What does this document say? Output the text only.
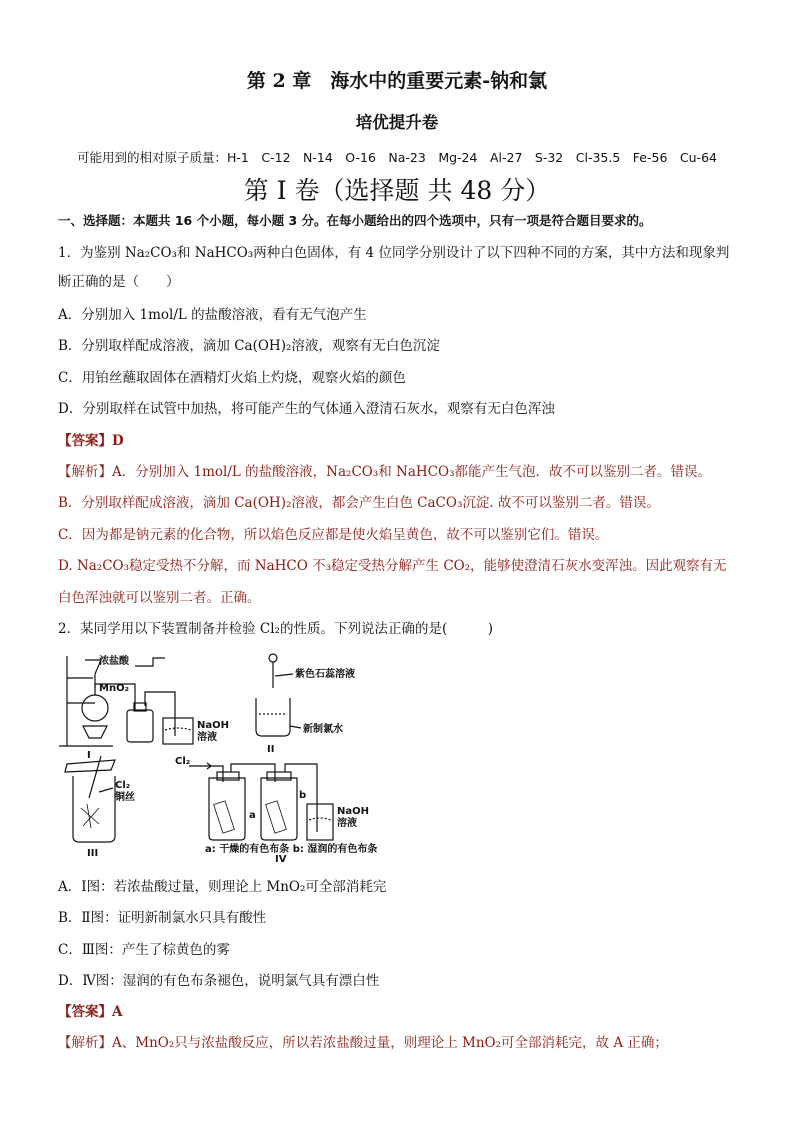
第 2 章　海水中的重要元素-钠和氯
培优提升卷
可能用到的相对原子质量：H-1　C-12　N-14　O-16　Na-23　Mg-24　Al-27　S-32　Cl-35.5　Fe-56　Cu-64
第 I 卷（选择题 共 48 分）
一、选择题：本题共 16 个小题，每小题 3 分。在每小题给出的四个选项中，只有一项是符合题目要求的。
1．为鉴别 Na₂CO₃和 NaHCO₃两种白色固体，有 4 位同学分别设计了以下四种不同的方案，其中方法和现象判
断正确的是（　　）
A．分别加入 1mol/L 的盐酸溶液，看有无气泡产生
B．分别取样配成溶液，滴加 Ca(OH)₂溶液，观察有无白色沉淀
C．用铂丝蘸取固体在酒精灯火焰上灼烧，观察火焰的颜色
D．分别取样在试管中加热，将可能产生的气体通入澄清石灰水，观察有无白色浑浊
【答案】D
【解析】A．分别加入 1mol/L 的盐酸溶液，Na₂CO₃和 NaHCO₃都能产生气泡．故不可以鉴别二者。错误。
B．分别取样配成溶液，滴加 Ca(OH)₂溶液，都会产生白色 CaCO₃沉淀. 故不可以鉴别二者。错误。
C．因为都是钠元素的化合物，所以焰色反应都是使火焰呈黄色，故不可以鉴别它们。错误。
D. Na₂CO₃稳定受热不分解，而 NaHCO 不₃稳定受热分解产生 CO₂，能够使澄清石灰水变浑浊。因此观察有无
白色浑浊就可以鉴别二者。正确。
2．某同学用以下装置制备并检验 Cl₂的性质。下列说法正确的是(　　　)
浓盐酸
MnO₂
NaOH
溶液
I
紫色石蕊溶液
新制氯水
II
Cl₂
铜丝
III
Cl₂
a
b
NaOH
溶液
a: 干燥的有色布条 b: 湿润的有色布条
IV
A．Ⅰ图：若浓盐酸过量，则理论上 MnO₂可全部消耗完
B．Ⅱ图：证明新制氯水只具有酸性
C．Ⅲ图：产生了棕黄色的雾
D．Ⅳ图：湿润的有色布条褪色，说明氯气具有漂白性
【答案】A
【解析】A、MnO₂只与浓盐酸反应，所以若浓盐酸过量，则理论上 MnO₂可全部消耗完，故 A 正确；
